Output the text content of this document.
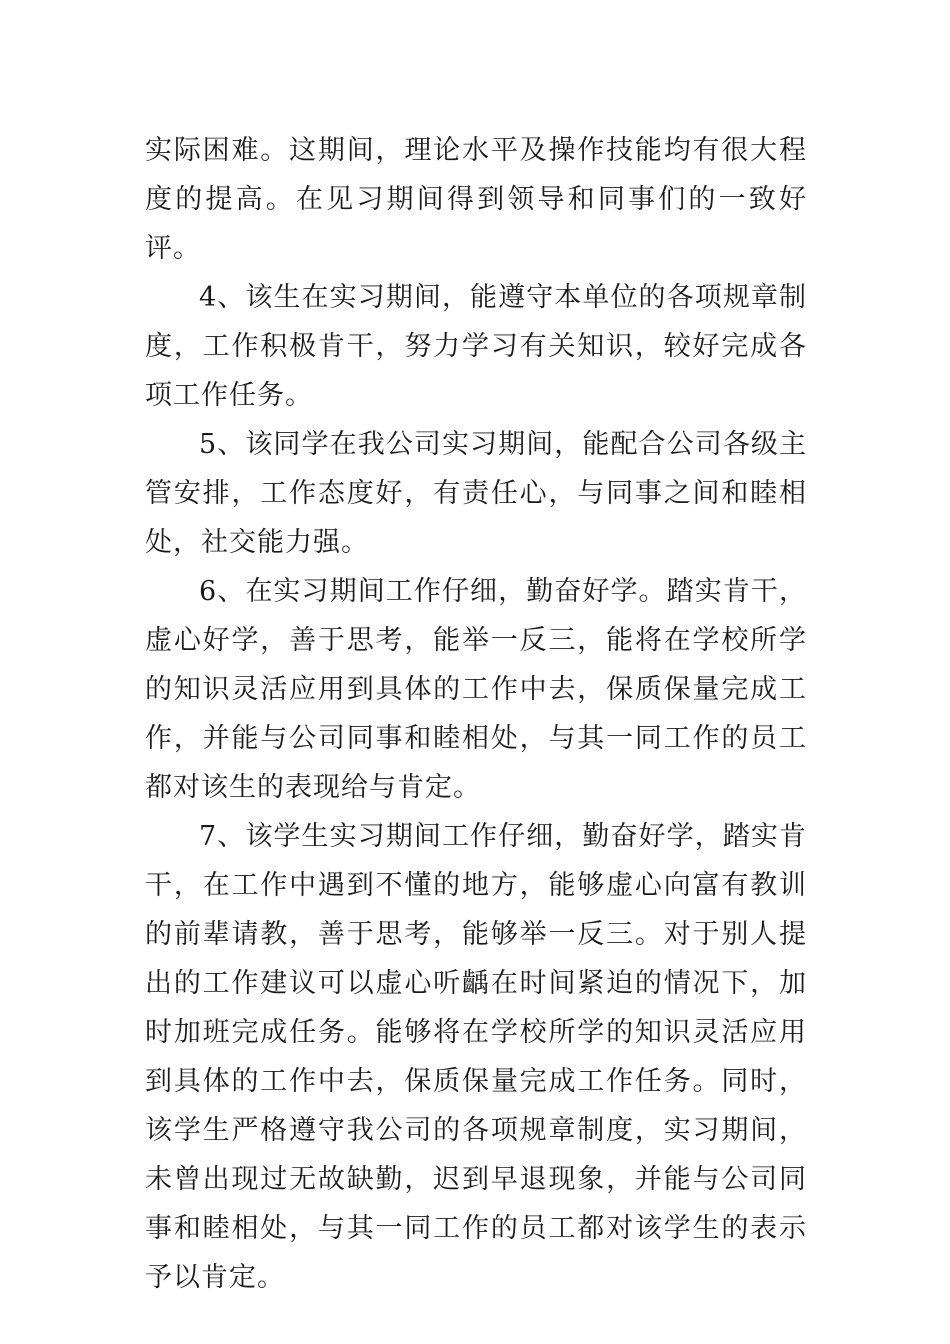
实际困难。这期间，理论水平及操作技能均有很大程度的提高。在见习期间得到领导和同事们的一致好评。

4、该生在实习期间，能遵守本单位的各项规章制度，工作积极肯干，努力学习有关知识，较好完成各项工作任务。

5、该同学在我公司实习期间，能配合公司各级主管安排，工作态度好，有责任心，与同事之间和睦相处，社交能力强。

6、在实习期间工作仔细，勤奋好学。踏实肯干，虚心好学，善于思考，能举一反三，能将在学校所学的知识灵活应用到具体的工作中去，保质保量完成工作，并能与公司同事和睦相处，与其一同工作的员工都对该生的表现给与肯定。

7、该学生实习期间工作仔细，勤奋好学，踏实肯干，在工作中遇到不懂的地方，能够虚心向富有教训的前辈请教，善于思考，能够举一反三。对于别人提出的工作建议可以虚心听齲在时间紧迫的情况下，加时加班完成任务。能够将在学校所学的知识灵活应用到具体的工作中去，保质保量完成工作任务。同时，该学生严格遵守我公司的各项规章制度，实习期间，未曾出现过无故缺勤，迟到早退现象，并能与公司同事和睦相处，与其一同工作的员工都对该学生的表示予以肯定。
